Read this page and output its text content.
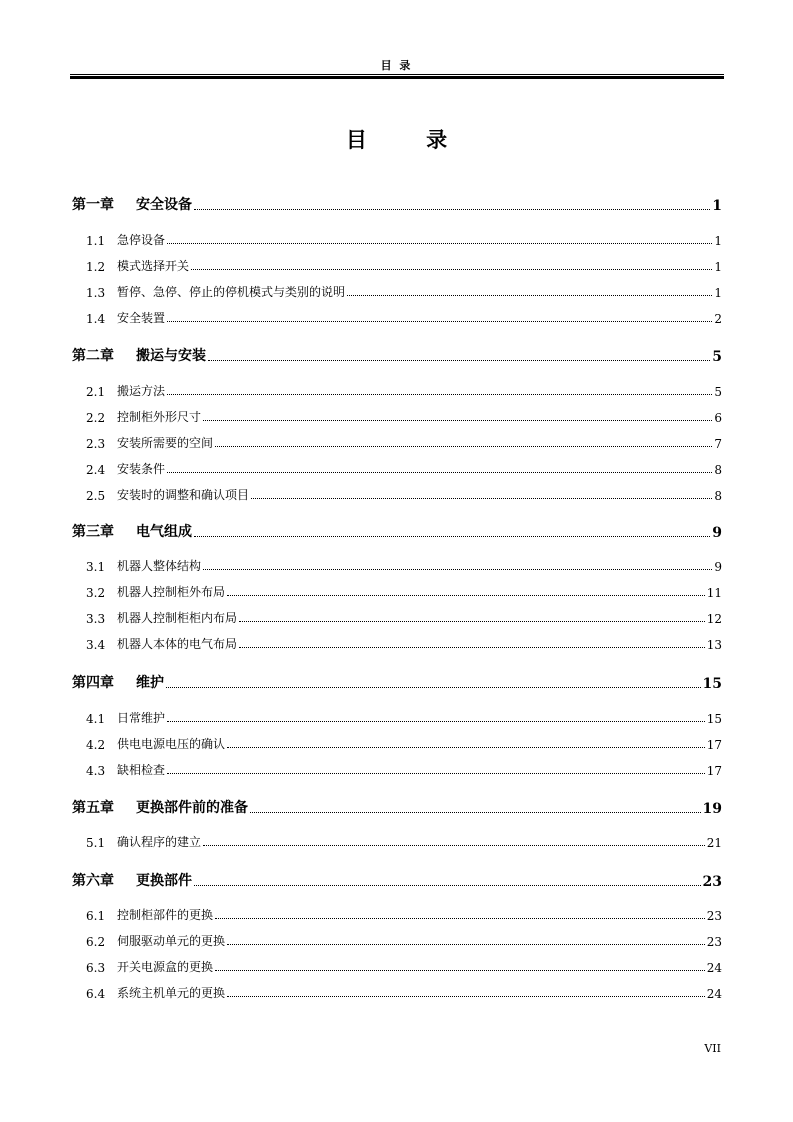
目 录
目 录
第一章	安全设备	1
1.1 急停设备	1
1.2 模式选择开关	1
1.3 暂停、急停、停止的停机模式与类别的说明	1
1.4 安全装置	2
第二章	搬运与安装	5
2.1 搬运方法	5
2.2 控制柜外形尺寸	6
2.3 安装所需要的空间	7
2.4 安装条件	8
2.5 安装时的调整和确认项目	8
第三章	电气组成	9
3.1 机器人整体结构	9
3.2 机器人控制柜外布局	11
3.3 机器人控制柜柜内布局	12
3.4 机器人本体的电气布局	13
第四章	维护	15
4.1 日常维护	15
4.2 供电电源电压的确认	17
4.3 缺相检查	17
第五章	更换部件前的准备	19
5.1 确认程序的建立	21
第六章	更换部件	23
6.1 控制柜部件的更换	23
6.2 伺服驱动单元的更换	23
6.3 开关电源盒的更换	24
6.4 系统主机单元的更换	24
VII
